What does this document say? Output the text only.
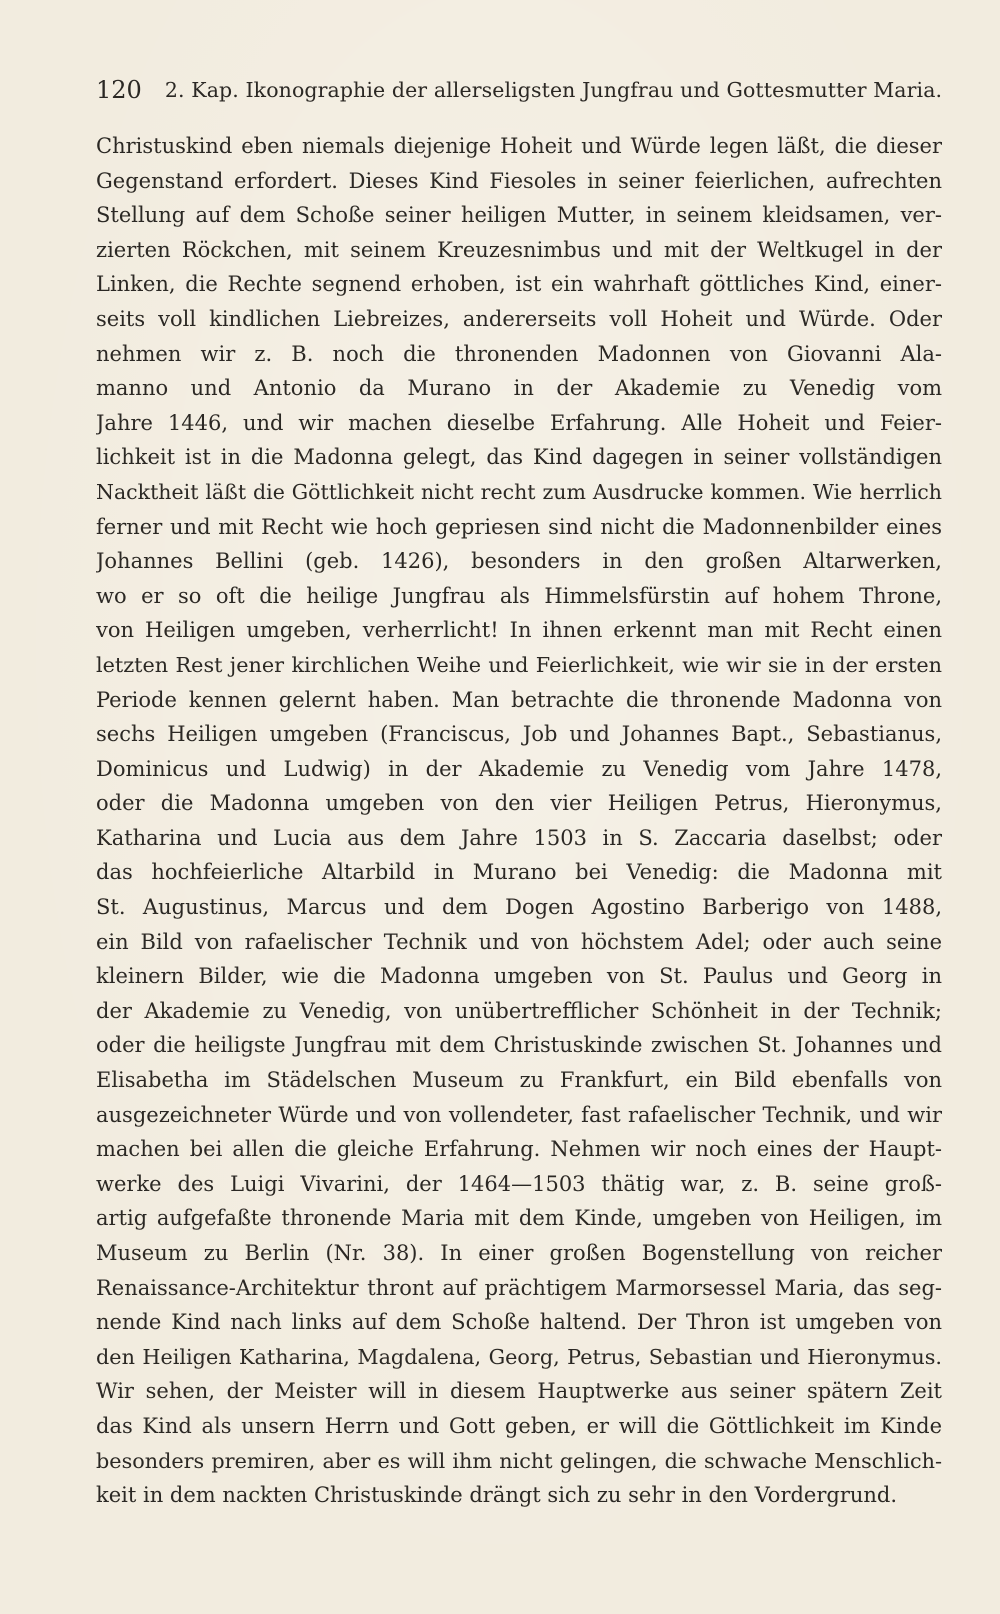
120 2. Kap. Ikonographie der allerseligsten Jungfrau und Gottesmutter Maria.
Christuskind eben niemals diejenige Hoheit und Würde legen läßt, die dieser
Gegenstand erfordert. Dieses Kind Fiesoles in seiner feierlichen, aufrechten
Stellung auf dem Schoße seiner heiligen Mutter, in seinem kleidsamen, ver-
zierten Röckchen, mit seinem Kreuzesnimbus und mit der Weltkugel in der
Linken, die Rechte segnend erhoben, ist ein wahrhaft göttliches Kind, einer-
seits voll kindlichen Liebreizes, andererseits voll Hoheit und Würde. Oder
nehmen wir z. B. noch die thronenden Madonnen von Giovanni Ala-
manno und Antonio da Murano in der Akademie zu Venedig vom
Jahre 1446, und wir machen dieselbe Erfahrung. Alle Hoheit und Feier-
lichkeit ist in die Madonna gelegt, das Kind dagegen in seiner vollständigen
Nacktheit läßt die Göttlichkeit nicht recht zum Ausdrucke kommen. Wie herrlich
ferner und mit Recht wie hoch gepriesen sind nicht die Madonnenbilder eines
Johannes Bellini (geb. 1426), besonders in den großen Altarwerken,
wo er so oft die heilige Jungfrau als Himmelsfürstin auf hohem Throne,
von Heiligen umgeben, verherrlicht! In ihnen erkennt man mit Recht einen
letzten Rest jener kirchlichen Weihe und Feierlichkeit, wie wir sie in der ersten
Periode kennen gelernt haben. Man betrachte die thronende Madonna von
sechs Heiligen umgeben (Franciscus, Job und Johannes Bapt., Sebastianus,
Dominicus und Ludwig) in der Akademie zu Venedig vom Jahre 1478,
oder die Madonna umgeben von den vier Heiligen Petrus, Hieronymus,
Katharina und Lucia aus dem Jahre 1503 in S. Zaccaria daselbst; oder
das hochfeierliche Altarbild in Murano bei Venedig: die Madonna mit
St. Augustinus, Marcus und dem Dogen Agostino Barberigo von 1488,
ein Bild von rafaelischer Technik und von höchstem Adel; oder auch seine
kleinern Bilder, wie die Madonna umgeben von St. Paulus und Georg in
der Akademie zu Venedig, von unübertrefflicher Schönheit in der Technik;
oder die heiligste Jungfrau mit dem Christuskinde zwischen St. Johannes und
Elisabetha im Städelschen Museum zu Frankfurt, ein Bild ebenfalls von
ausgezeichneter Würde und von vollendeter, fast rafaelischer Technik, und wir
machen bei allen die gleiche Erfahrung. Nehmen wir noch eines der Haupt-
werke des Luigi Vivarini, der 1464—1503 thätig war, z. B. seine groß-
artig aufgefaßte thronende Maria mit dem Kinde, umgeben von Heiligen, im
Museum zu Berlin (Nr. 38). In einer großen Bogenstellung von reicher
Renaissance-Architektur thront auf prächtigem Marmorsessel Maria, das seg-
nende Kind nach links auf dem Schoße haltend. Der Thron ist umgeben von
den Heiligen Katharina, Magdalena, Georg, Petrus, Sebastian und Hieronymus.
Wir sehen, der Meister will in diesem Hauptwerke aus seiner spätern Zeit
das Kind als unsern Herrn und Gott geben, er will die Göttlichkeit im Kinde
besonders premiren, aber es will ihm nicht gelingen, die schwache Menschlich-
keit in dem nackten Christuskinde drängt sich zu sehr in den Vordergrund.
